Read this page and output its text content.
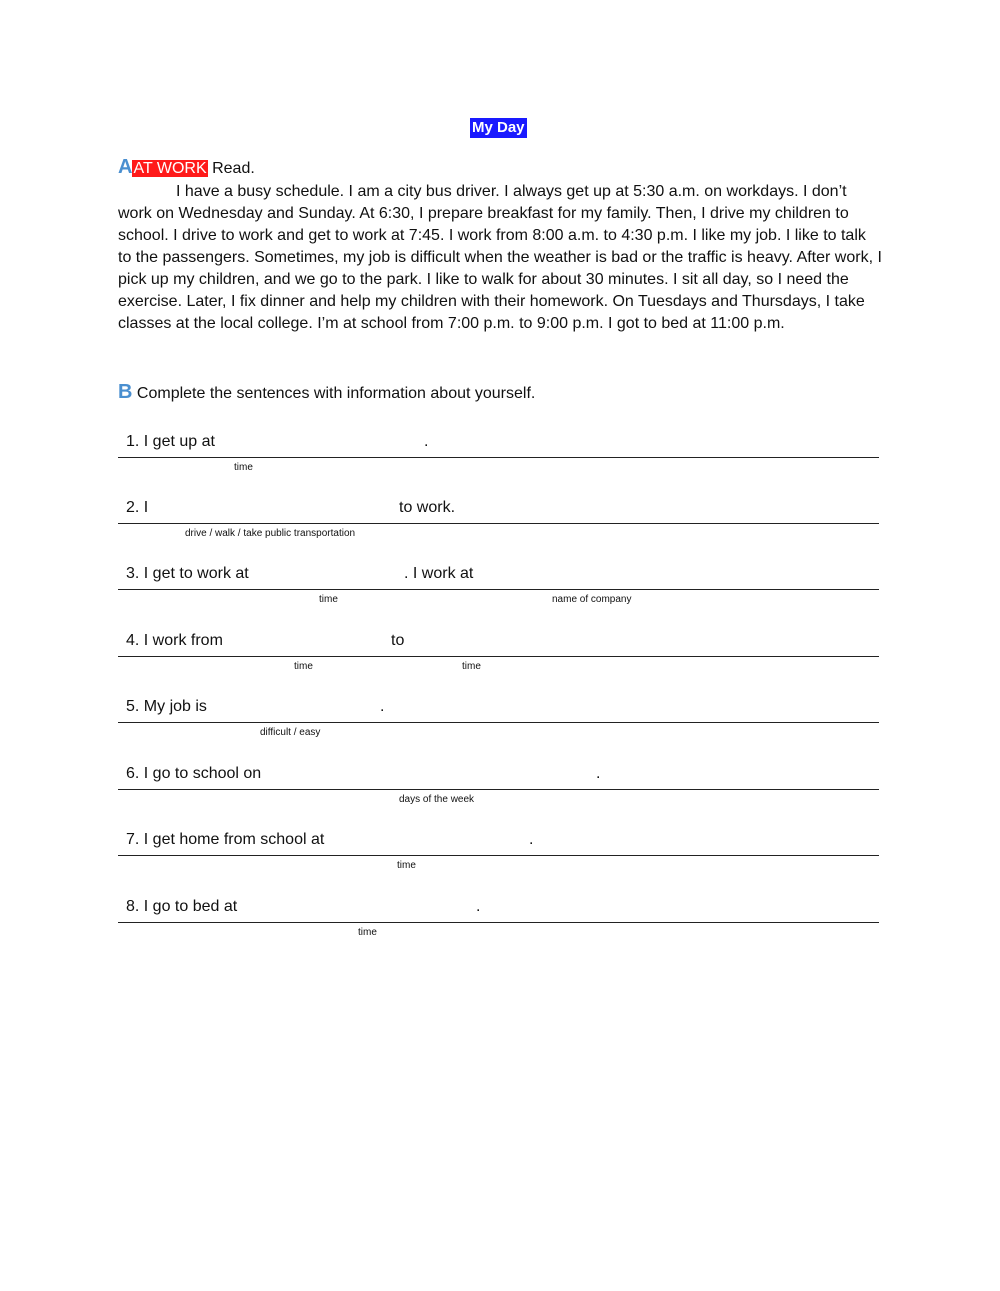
My Day
AAT WORK Read.

I have a busy schedule. I am a city bus driver. I always get up at 5:30 a.m. on workdays. I don’t work on Wednesday and Sunday. At 6:30, I prepare breakfast for my family. Then, I drive my children to school. I drive to work and get to work at 7:45. I work from 8:00 a.m. to 4:30 p.m. I like my job. I like to talk to the passengers. Sometimes, my job is difficult when the weather is bad or the traffic is heavy. After work, I pick up my children, and we go to the park. I like to walk for about 30 minutes. I sit all day, so I need the exercise. Later, I fix dinner and help my children with their homework. On Tuesdays and Thursdays, I take classes at the local college. I’m at school from 7:00 p.m. to 9:00 p.m. I got to bed at 11:00 p.m.

B Complete the sentences with information about yourself.
1. I get up at	.
time
2. I	to work.
drive / walk / take public transportation
3. I get to work at	. I work at
time	name of company
4. I work from	to
time	time
5. My job is	.
difficult / easy
6. I go to school on	.
days of the week
7. I get home from school at	.
time
8. I go to bed at	.
time
